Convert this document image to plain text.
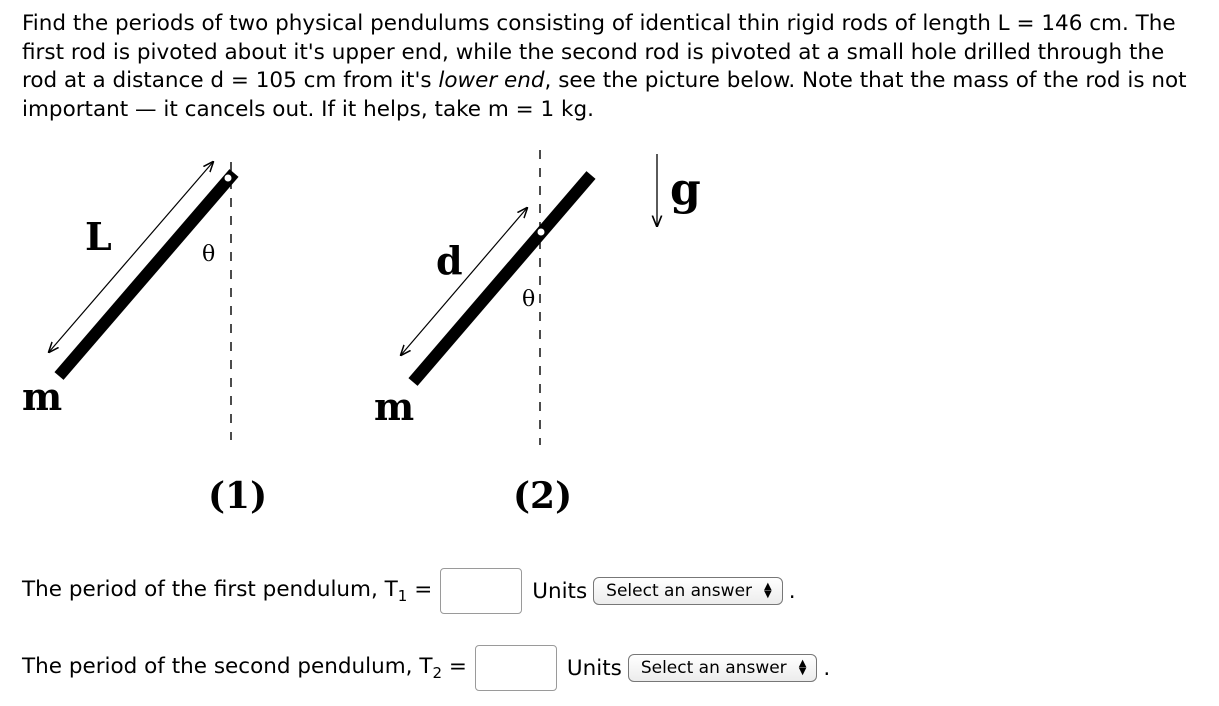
Find the periods of two physical pendulums consisting of identical thin rigid rods of length L = 146 cm. The first rod is pivoted about it's upper end, while the second rod is pivoted at a small hole drilled through the rod at a distance d = 105 cm from it's lower end, see the picture below. Note that the mass of the rod is not important — it cancels out. If it helps, take m = 1 kg.

L	θ
m
(1)
d
θ
m
(2)
g
The period of the first pendulum, $T_1$ =	Units Select an answer ▲
▼ .
The period of the second pendulum, $T_2$ =	Units Select an answer ▲
▼ .
